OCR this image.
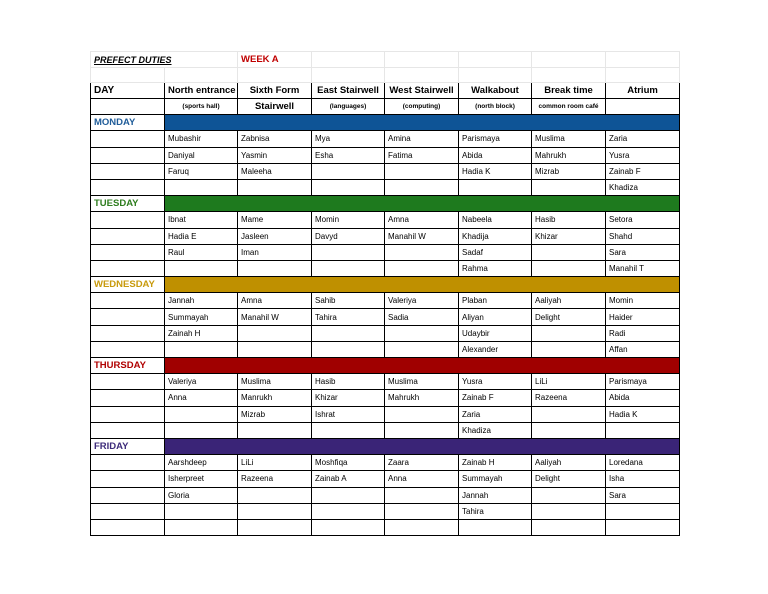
PREFECT DUTIES		WEEK A					

DAY	North entrance	Sixth Form	East Stairwell	West Stairwell	Walkabout	Break time	Atrium
	(sports hall)	Stairwell	(languages)	(computing)	(north block)	common room café	
MONDAY							
	Mubashir	Zabnisa	Mya	Amina	Parismaya	Muslima	Zaria
	Daniyal	Yasmin	Esha	Fatima	Abida	Mahrukh	Yusra
	Faruq	Maleeha			Hadia K	Mizrab	Zainab F
							Khadiza
TUESDAY							
	Ibnat	Mame	Momin	Amna	Nabeela	Hasib	Setora
	Hadia E	Jasleen	Davyd	Manahil W	Khadija	Khizar	Shahd
	Raul	Iman			Sadaf		Sara
					Rahma		Manahil T
WEDNESDAY							
	Jannah	Amna	Sahib	Valeriya	Plaban	Aaliyah	Momin
	Summayah	Manahil W	Tahira	Sadia	Aliyan	Delight	Haider
	Zainah H				Udaybir		Radi
					Alexander		Affan
THURSDAY							
	Valeriya	Muslima	Hasib	Muslima	Yusra	LiLi	Parismaya
	Anna	Manrukh	Khizar	Mahrukh	Zainab F	Razeena	Abida
		Mizrab	Ishrat		Zaria		Hadia K
					Khadiza		
FRIDAY							
	Aarshdeep	LiLi	Moshfiqa	Zaara	Zainab H	Aaliyah	Loredana
	Isherpreet	Razeena	Zainab A	Anna	Summayah	Delight	Isha
	Gloria				Jannah		Sara
					Tahira		
